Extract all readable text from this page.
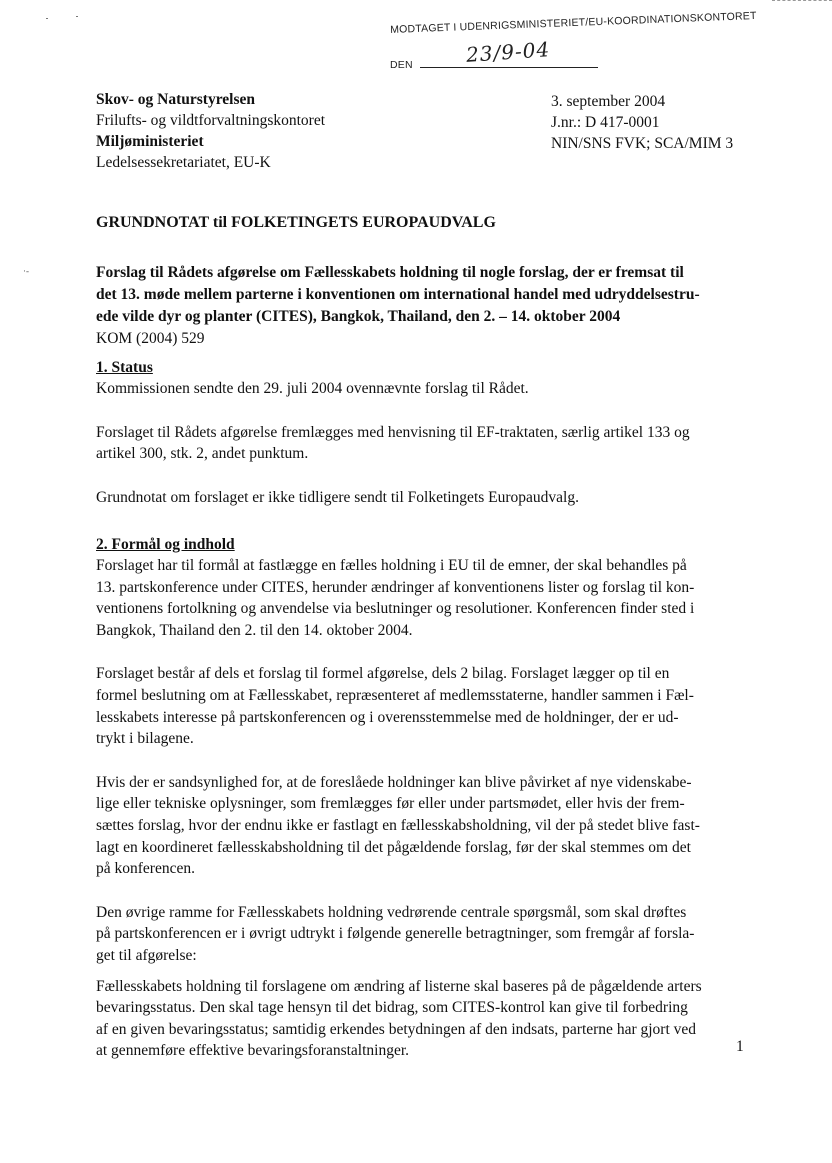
MODTAGET I UDENRIGSMINISTERIET/EU-KOORDINATIONSKONTORET
DEN	23/9-04
·-
Skov- og Naturstyrelsen
Frilufts- og vildtforvaltningskontoret
Miljøministeriet
Ledelsessekretariatet, EU-K
3. september 2004
J.nr.: D 417-0001
NIN/SNS FVK; SCA/MIM 3
GRUNDNOTAT til FOLKETINGETS EUROPAUDVALG
Forslag til Rådets afgørelse om Fællesskabets holdning til nogle forslag, der er fremsat til
det 13. møde mellem parterne i konventionen om international handel med udryddelsestru-
ede vilde dyr og planter (CITES), Bangkok, Thailand, den 2. – 14. oktober 2004
KOM (2004) 529
1. Status
Kommissionen sendte den 29. juli 2004 ovennævnte forslag til Rådet.
Forslaget til Rådets afgørelse fremlægges med henvisning til EF-traktaten, særlig artikel 133 og
artikel 300, stk. 2, andet punktum.
Grundnotat om forslaget er ikke tidligere sendt til Folketingets Europaudvalg.
2. Formål og indhold
Forslaget har til formål at fastlægge en fælles holdning i EU til de emner, der skal behandles på
13. partskonference under CITES, herunder ændringer af konventionens lister og forslag til kon-
ventionens fortolkning og anvendelse via beslutninger og resolutioner. Konferencen finder sted i
Bangkok, Thailand den 2. til den 14. oktober 2004.
Forslaget består af dels et forslag til formel afgørelse, dels 2 bilag. Forslaget lægger op til en
formel beslutning om at Fællesskabet, repræsenteret af medlemsstaterne, handler sammen i Fæl-
lesskabets interesse på partskonferencen og i overensstemmelse med de holdninger, der er ud-
trykt i bilagene.
Hvis der er sandsynlighed for, at de foreslåede holdninger kan blive påvirket af nye videnskabe-
lige eller tekniske oplysninger, som fremlægges før eller under partsmødet, eller hvis der frem-
sættes forslag, hvor der endnu ikke er fastlagt en fællesskabsholdning, vil der på stedet blive fast-
lagt en koordineret fællesskabsholdning til det pågældende forslag, før der skal stemmes om det
på konferencen.
Den øvrige ramme for Fællesskabets holdning vedrørende centrale spørgsmål, som skal drøftes
på partskonferencen er i øvrigt udtrykt i følgende generelle betragtninger, som fremgår af forsla-
get til afgørelse:
Fællesskabets holdning til forslagene om ændring af listerne skal baseres på de pågældende arters
bevaringsstatus. Den skal tage hensyn til det bidrag, som CITES-kontrol kan give til forbedring
af en given bevaringsstatus; samtidig erkendes betydningen af den indsats, parterne har gjort ved
at gennemføre effektive bevaringsforanstaltninger.	1
